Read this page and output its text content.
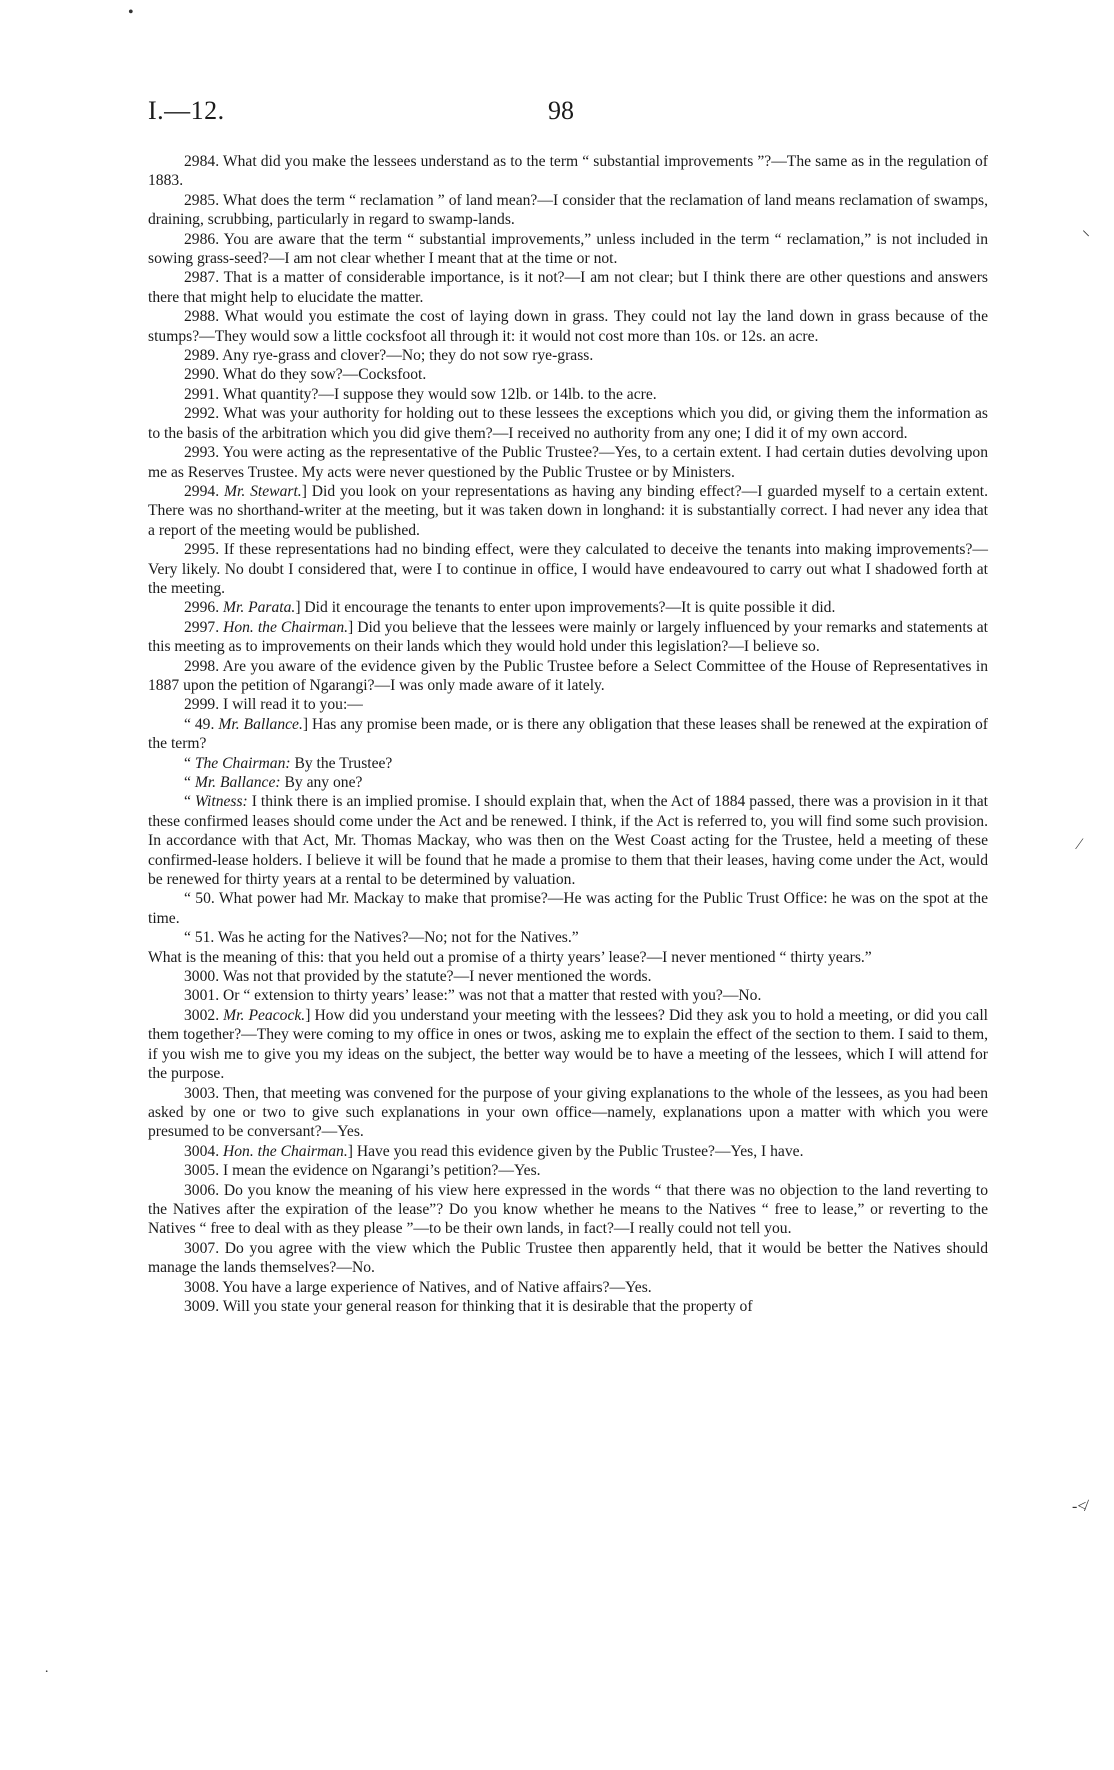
I.—12.	98

2984. What did you make the lessees understand as to the term “ substantial improvements ”?—The same as in the regulation of 1883.

2985. What does the term “ reclamation ” of land mean?—I consider that the reclamation of land means reclamation of swamps, draining, scrubbing, particularly in regard to swamp-lands.

2986. You are aware that the term “ substantial improvements,” unless included in the term “ reclamation,” is not included in sowing grass-seed?—I am not clear whether I meant that at the time or not.

2987. That is a matter of considerable importance, is it not?—I am not clear; but I think there are other questions and answers there that might help to elucidate the matter.

2988. What would you estimate the cost of laying down in grass. They could not lay the land down in grass because of the stumps?—They would sow a little cocksfoot all through it: it would not cost more than 10s. or 12s. an acre.

2989. Any rye-grass and clover?—No; they do not sow rye-grass.

2990. What do they sow?—Cocksfoot.

2991. What quantity?—I suppose they would sow 12lb. or 14lb. to the acre.

2992. What was your authority for holding out to these lessees the exceptions which you did, or giving them the information as to the basis of the arbitration which you did give them?—I received no authority from any one; I did it of my own accord.

2993. You were acting as the representative of the Public Trustee?—Yes, to a certain extent. I had certain duties devolving upon me as Reserves Trustee. My acts were never questioned by the Public Trustee or by Ministers.

2994. Mr. Stewart.] Did you look on your representations as having any binding effect?—I guarded myself to a certain extent. There was no shorthand-writer at the meeting, but it was taken down in longhand: it is substantially correct. I had never any idea that a report of the meeting would be published.

2995. If these representations had no binding effect, were they calculated to deceive the tenants into making improvements?—Very likely. No doubt I considered that, were I to continue in office, I would have endeavoured to carry out what I shadowed forth at the meeting.

2996. Mr. Parata.] Did it encourage the tenants to enter upon improvements?—It is quite possible it did.

2997. Hon. the Chairman.] Did you believe that the lessees were mainly or largely influenced by your remarks and statements at this meeting as to improvements on their lands which they would hold under this legislation?—I believe so.

2998. Are you aware of the evidence given by the Public Trustee before a Select Committee of the House of Representatives in 1887 upon the petition of Ngarangi?—I was only made aware of it lately.

2999. I will read it to you:—

“ 49. Mr. Ballance.] Has any promise been made, or is there any obligation that these leases shall be renewed at the expiration of the term?

“ The Chairman: By the Trustee?

“ Mr. Ballance: By any one?

“ Witness: I think there is an implied promise. I should explain that, when the Act of 1884 passed, there was a provision in it that these confirmed leases should come under the Act and be renewed. I think, if the Act is referred to, you will find some such provision. In accordance with that Act, Mr. Thomas Mackay, who was then on the West Coast acting for the Trustee, held a meeting of these confirmed-lease holders. I believe it will be found that he made a promise to them that their leases, having come under the Act, would be renewed for thirty years at a rental to be determined by valuation.

“ 50. What power had Mr. Mackay to make that promise?—He was acting for the Public Trust Office: he was on the spot at the time.

“ 51. Was he acting for the Natives?—No; not for the Natives.”

What is the meaning of this: that you held out a promise of a thirty years’ lease?—I never mentioned “ thirty years.”

3000. Was not that provided by the statute?—I never mentioned the words.

3001. Or “ extension to thirty years’ lease:” was not that a matter that rested with you?—No.

3002. Mr. Peacock.] How did you understand your meeting with the lessees? Did they ask you to hold a meeting, or did you call them together?—They were coming to my office in ones or twos, asking me to explain the effect of the section to them. I said to them, if you wish me to give you my ideas on the subject, the better way would be to have a meeting of the lessees, which I will attend for the purpose.

3003. Then, that meeting was convened for the purpose of your giving explanations to the whole of the lessees, as you had been asked by one or two to give such explanations in your own office—namely, explanations upon a matter with which you were presumed to be conversant?—Yes.

3004. Hon. the Chairman.] Have you read this evidence given by the Public Trustee?—Yes, I have.

3005. I mean the evidence on Ngarangi’s petition?—Yes.

3006. Do you know the meaning of his view here expressed in the words “ that there was no objection to the land reverting to the Natives after the expiration of the lease”? Do you know whether he means to the Natives “ free to lease,” or reverting to the Natives “ free to deal with as they please ”—to be their own lands, in fact?—I really could not tell you.

3007. Do you agree with the view which the Public Trustee then apparently held, that it would be better the Natives should manage the lands themselves?—No.

3008. You have a large experience of Natives, and of Native affairs?—Yes.

3009. Will you state your general reason for thinking that it is desirable that the property of

•
⸜
⁄
-≮
˙
